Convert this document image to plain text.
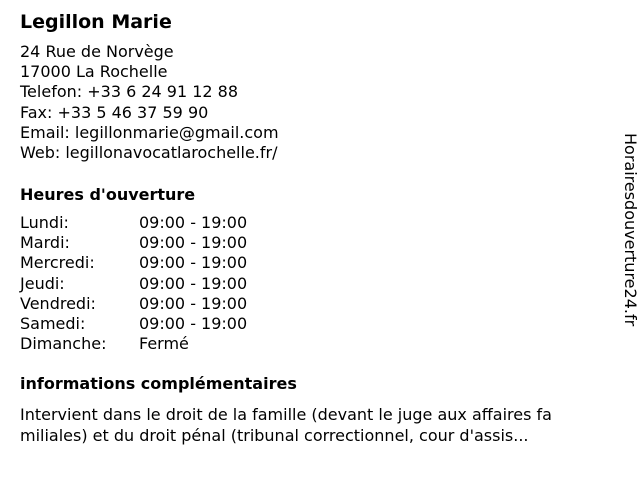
Legillon Marie
24 Rue de Norvège
17000 La Rochelle
Telefon: +33 6 24 91 12 88
Fax: +33 5 46 37 59 90
Email: legillonmarie@gmail.com
Web: legillonavocatlarochelle.fr/
Heures d'ouverture
Lundi:	09:00 - 19:00
Mardi:	09:00 - 19:00
Mercredi:	09:00 - 19:00
Jeudi:	09:00 - 19:00
Vendredi:	09:00 - 19:00
Samedi:	09:00 - 19:00
Dimanche:	Fermé
informations complémentaires
Intervient dans le droit de la famille (devant le juge aux affaires fa
miliales) et du droit pénal (tribunal correctionnel, cour d'assis...
Horairesdouverture24.fr
